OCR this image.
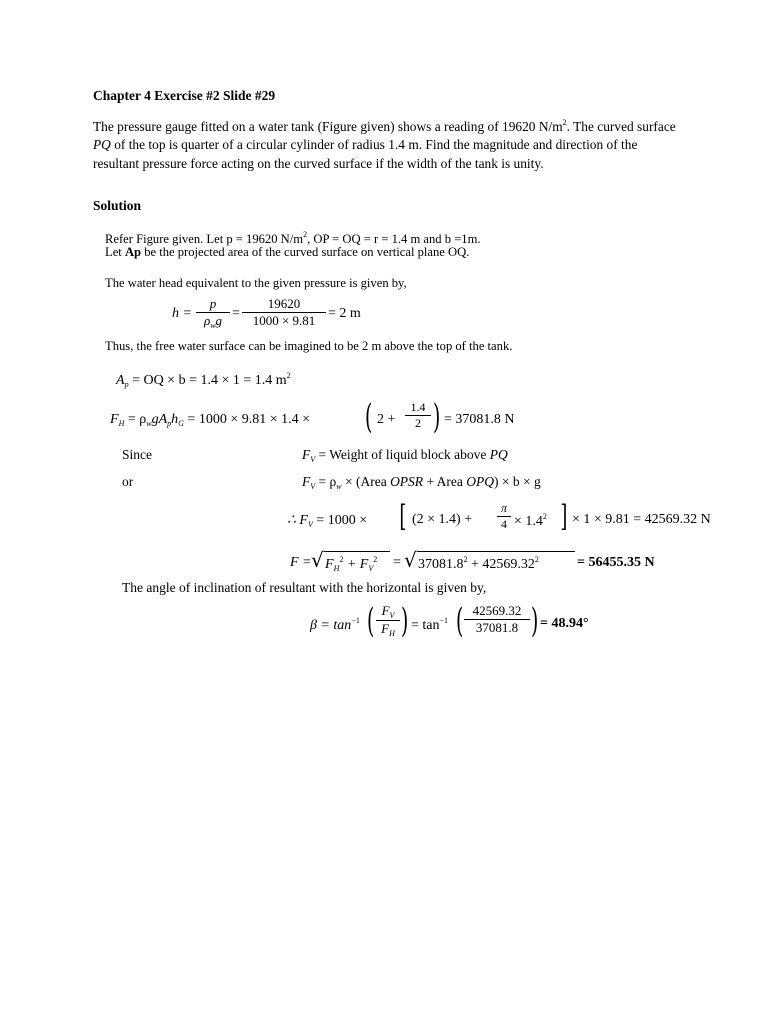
Chapter 4 Exercise #2 Slide #29
The pressure gauge fitted on a water tank (Figure given) shows a reading of 19620 $N/m^2$. The curved surface PQ of the top is quarter of a circular cylinder of radius 1.4 m. Find the magnitude and direction of the resultant pressure force acting on the curved surface if the width of the tank is unity.
Solution
Refer Figure given. Let p = 19620 $N/m^2$, OP = OQ = r = 1.4 m and b =1m.
Let Ap be the projected area of the curved surface on vertical plane OQ.
The water head equivalent to the given pressure is given by,
h =
p
$\rho_wg$ =
19620
1000 × 9.81 = 2 m
Thus, the free water surface can be imagined to be 2 m above the top of the tank.
$A_p$ = OQ × b = 1.4 × 1 = 1.4 $m^2$
$F_H = \rho_wgA_ph_G = 1000 \times 9.81 \times 1.4$ × ( 2 +
1.4
2 ) = 37081.8 N
Since	$F_V$ = Weight of liquid block above PQ
or	$F_V = \rho_w$ × (Area OPSR + Area OPQ) × b × g
∴ $F_V = 1000$ × [ (2 × 1.4) +
π
$4 \times 1.4^2$ ] × 1 × 9.81 = 42569.32 N
F = √ $F_H^2 + F_V^2$ = √ $37081.8^2 + 42569.32^2$	= 56455.35 N
The angle of inclination of resultant with the horizontal is given by,
$\beta = \tan^{-1}$ ( $F_V$
$F_H$ ) = $\tan^{-1}$ ( 42569.32
37081.8 ) = 48.94°
